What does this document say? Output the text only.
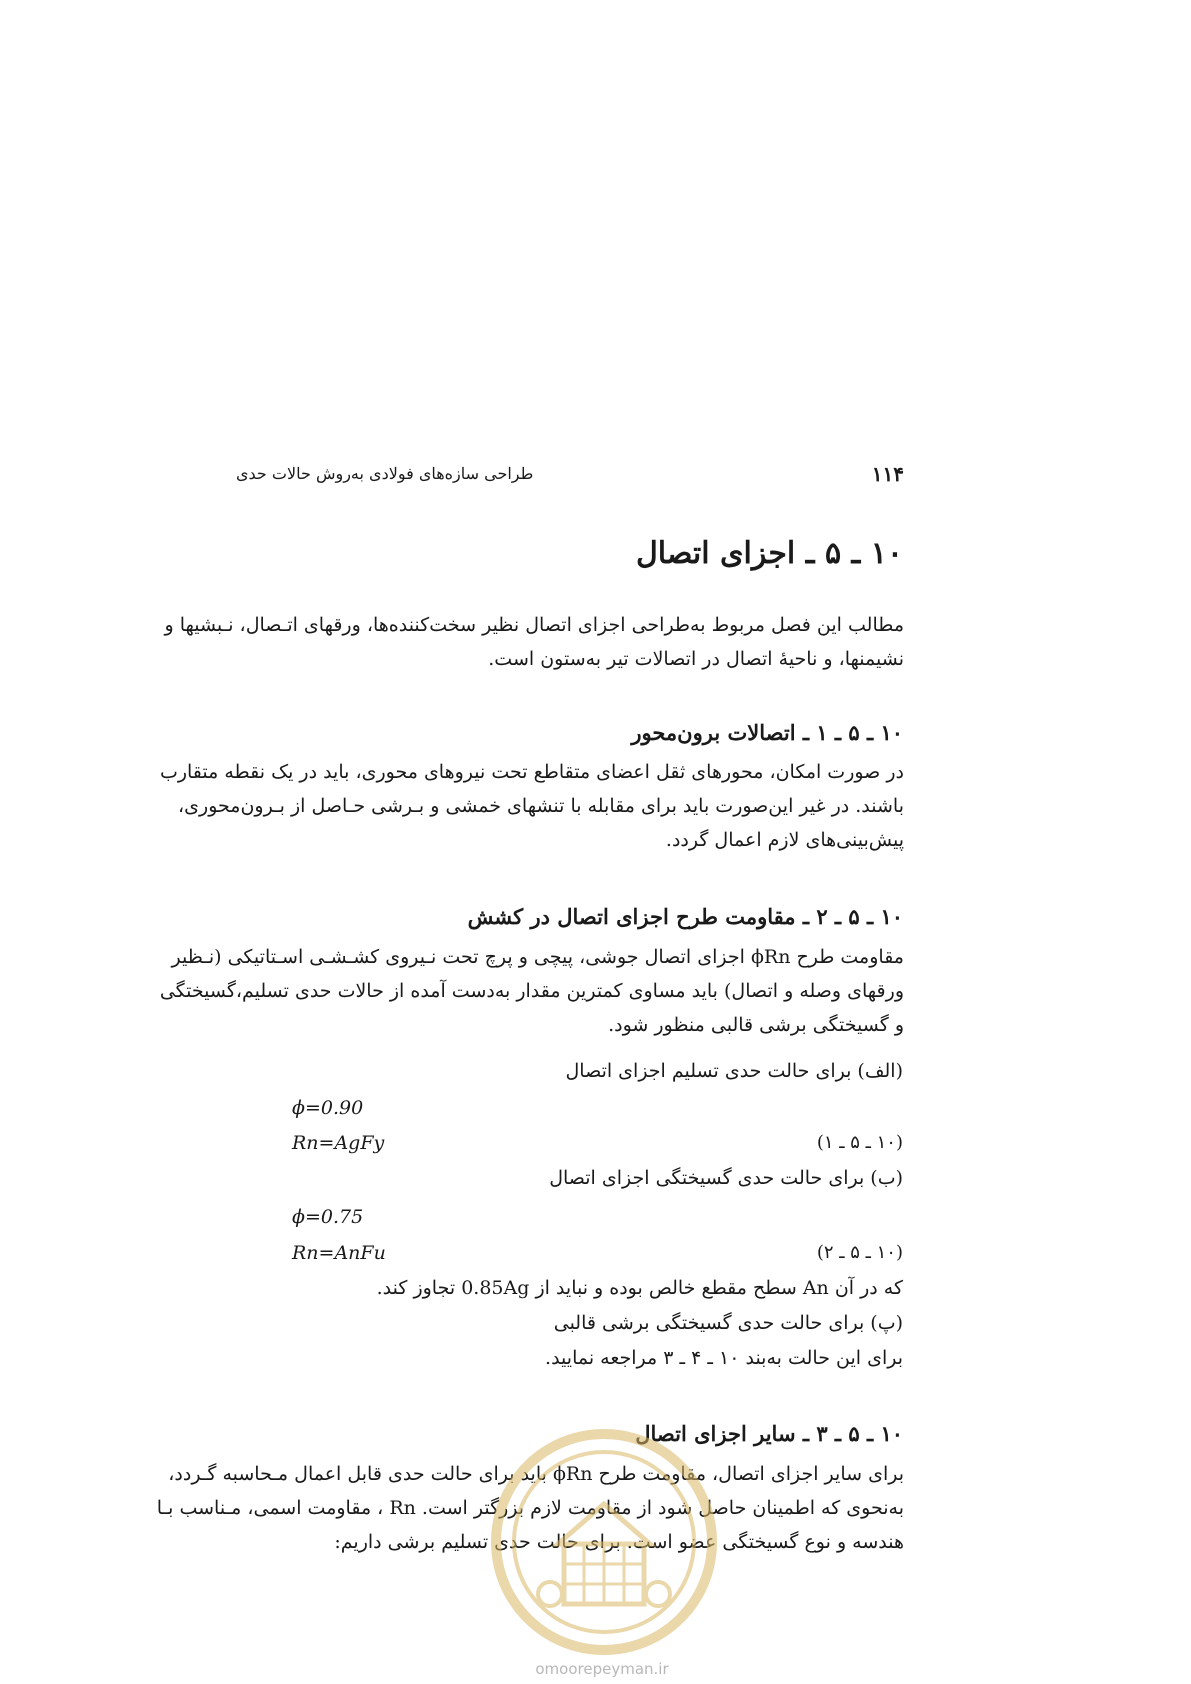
۱۱۴
طراحی سازه‌های فولادی به‌روش حالات حدی
۱۰ ـ ۵ ـ اجزای اتصال
مطالب این فصل مربوط به‌طراحی اجزای اتصال نظیر سخت‌کننده‌ها، ورقهای اتـصال، نـبشیها و
نشیمنها، و ناحیهٔ اتصال در اتصالات تیر به‌ستون است.
۱۰ ـ ۵ ـ ۱ ـ اتصالات برون‌محور
در صورت امکان، محورهای ثقل اعضای متقاطع تحت نیروهای محوری، باید در یک نقطه متقارب
باشند. در غیر این‌صورت باید برای مقابله با تنشهای خمشی و بـرشی حـاصل از بـرون‌محوری،
پیش‌بینی‌های لازم اعمال گردد.
۱۰ ـ ۵ ـ ۲ ـ مقاومت طرح اجزای اتصال در کشش
مقاومت طرح ϕRn اجزای اتصال جوشی، پیچی و پرچ تحت نـیروی کشـشـی اسـتاتیکی (نـظیر
ورقهای وصله و اتصال) باید مساوی کمترین مقدار به‌دست آمده از حالات حدی تسلیم،گسیختگی
و گسیختگی برشی قالبی منظور شود.
(الف) برای حالت حدی تسلیم اجزای اتصال
ϕ=0.90
Rn=AgFy	(۱۰ ـ ۵ ـ ۱)
(ب) برای حالت حدی گسیختگی اجزای اتصال
ϕ=0.75
Rn=AnFu	(۱۰ ـ ۵ ـ ۲)
که در آن An سطح مقطع خالص بوده و نباید از 0.85Ag تجاوز کند.
(پ) برای حالت حدی گسیختگی برشی قالبی
برای این حالت به‌بند ۱۰ ـ ۴ ـ ۳ مراجعه نمایید.
۱۰ ـ ۵ ـ ۳ ـ سایر اجزای اتصال
برای سایر اجزای اتصال، مقاومت طرح ϕRn باید برای حالت حدی قابل اعمال مـحاسبه گـردد،
به‌نحوی که اطمینان حاصل شود از مقاومت لازم بزرگتر است. Rn ، مقاومت اسمی، مـناسب بـا
هندسه و نوع گسیختگی عضو است. برای حالت حدی تسلیم برشی داریم:
omoorepeyman.ir
